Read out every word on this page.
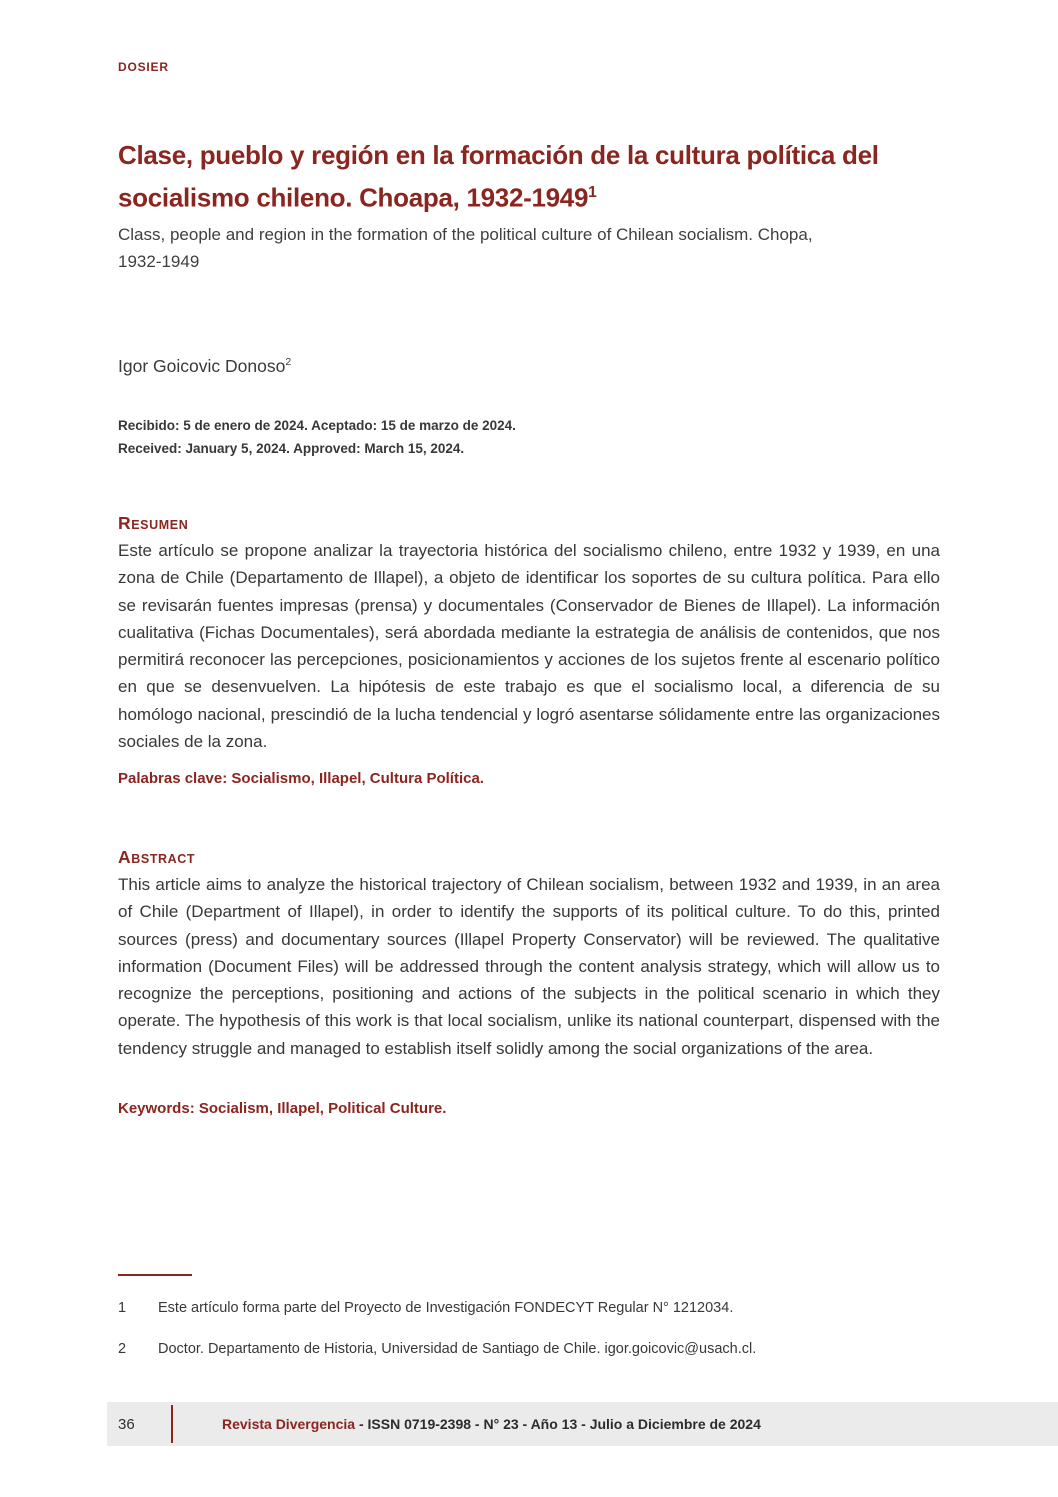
DOSIER
Clase, pueblo y región en la formación de la cultura política del
socialismo chileno. Choapa, 1932-1949$^1$
Class, people and region in the formation of the political culture of Chilean socialism. Chopa,
1932-1949
Igor Goicovic Donoso$^2$
Recibido: 5 de enero de 2024. Aceptado: 15 de marzo de 2024.
Received: January 5, 2024. Approved: March 15, 2024.
RESUMEN

Este artículo se propone analizar la trayectoria histórica del socialismo chileno, entre 1932 y 1939, en una zona de Chile (Departamento de Illapel), a objeto de identificar los soportes de su cultura política. Para ello se revisarán fuentes impresas (prensa) y documentales (Conservador de Bienes de Illapel). La información cualitativa (Fichas Documentales), será abordada mediante la estrategia de análisis de contenidos, que nos permitirá reconocer las percepciones, posicionamientos y acciones de los sujetos frente al escenario político en que se desenvuelven. La hipótesis de este trabajo es que el socialismo local, a diferencia de su homólogo nacional, prescindió de la lucha tendencial y logró asentarse sólidamente entre las organizaciones sociales de la zona.

Palabras clave: Socialismo, Illapel, Cultura Política.
ABSTRACT

This article aims to analyze the historical trajectory of Chilean socialism, between 1932 and 1939, in an area of Chile (Department of Illapel), in order to identify the supports of its political culture. To do this, printed sources (press) and documentary sources (Illapel Property Conservator) will be reviewed. The qualitative information (Document Files) will be addressed through the content analysis strategy, which will allow us to recognize the perceptions, positioning and actions of the subjects in the political scenario in which they operate. The hypothesis of this work is that local socialism, unlike its national counterpart, dispensed with the tendency struggle and managed to establish itself solidly among the social organizations of the area.

Keywords: Socialism, Illapel, Political Culture.
1 Este artículo forma parte del Proyecto de Investigación FONDECYT Regular N° 1212034.
2 Doctor. Departamento de Historia, Universidad de Santiago de Chile. igor.goicovic@usach.cl.
36	Revista Divergencia - ISSN 0719-2398 - N° 23 - Año 13 - Julio a Diciembre de 2024
